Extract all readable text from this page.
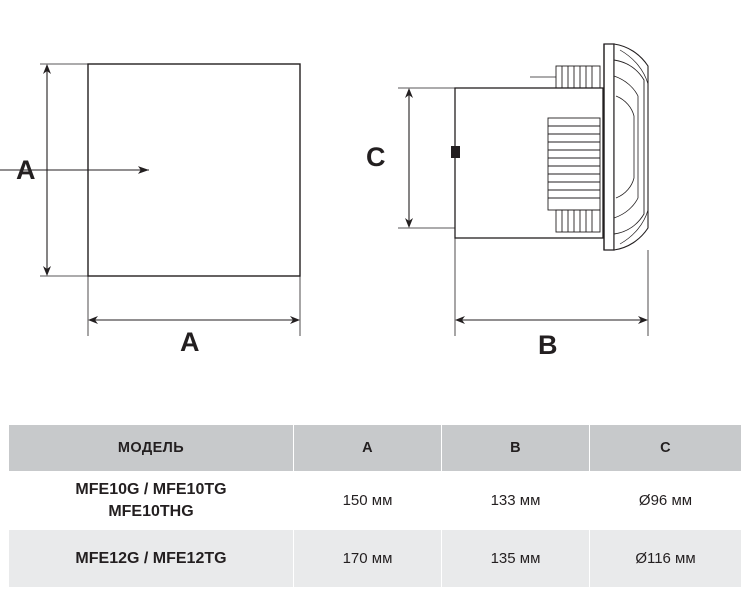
A
A
C
B
МОДЕЛЬ	A	B	C

MFE10G / MFE10TG
MFE10THG	150 мм	133 мм	Ø96 мм

MFE12G / MFE12TG	170 мм	135 мм	Ø116 мм
